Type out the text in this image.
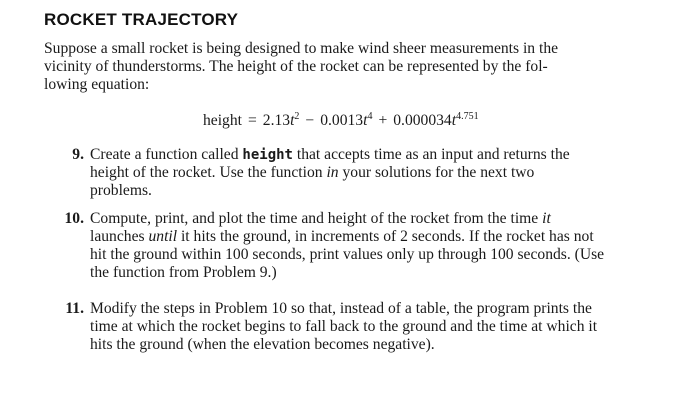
ROCKET TRAJECTORY
Suppose a small rocket is being designed to make wind sheer measurements in the
vicinity of thunderstorms. The height of the rocket can be represented by the fol-
lowing equation:
height = $2.13t^2 - 0.0013t^4 + 0.000034t^{4.751}$
9. Create a function called height that accepts time as an input and returns the
height of the rocket. Use the function in your solutions for the next two
problems.
10. Compute, print, and plot the time and height of the rocket from the time it
launches until it hits the ground, in increments of 2 seconds. If the rocket has not
hit the ground within 100 seconds, print values only up through 100 seconds. (Use
the function from Problem 9.)
11. Modify the steps in Problem 10 so that, instead of a table, the program prints the
time at which the rocket begins to fall back to the ground and the time at which it
hits the ground (when the elevation becomes negative).
